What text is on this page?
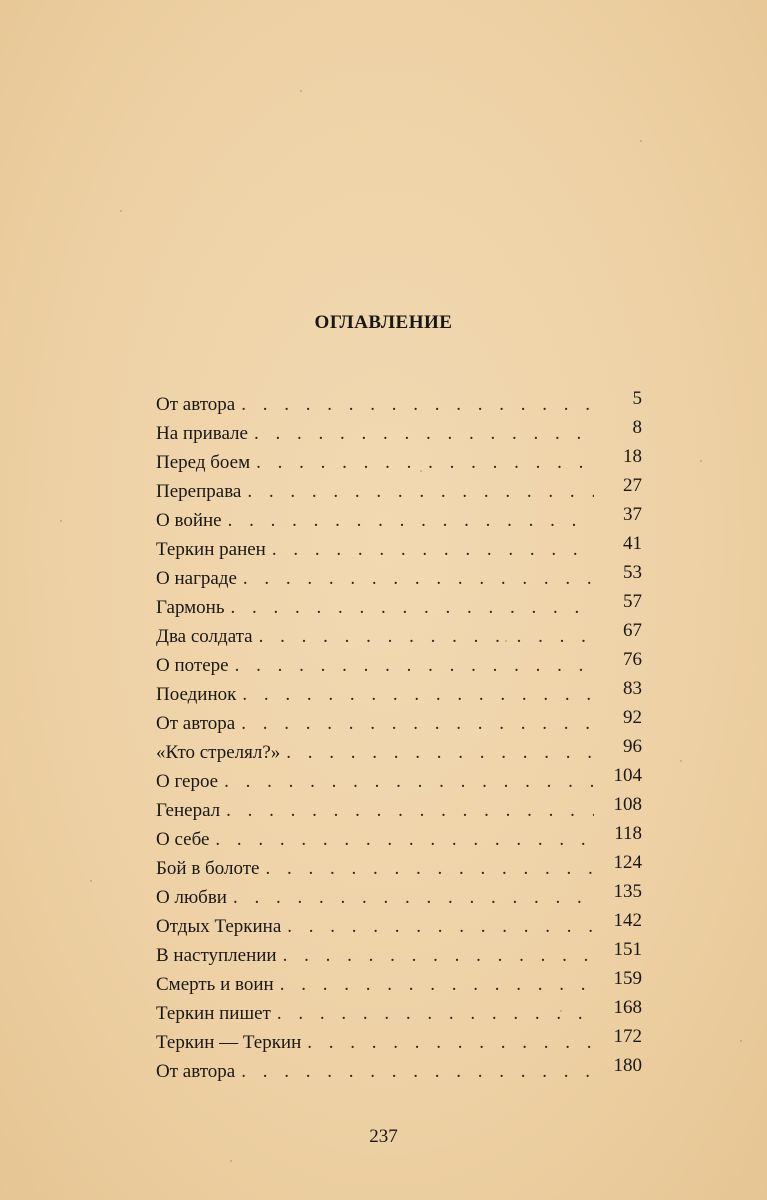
ОГЛАВЛЕНИЕ
От автора . . .	5
На привале . . .	8
Перед боем . . .	18
Переправа . . .	27
О войне . . .	37
Теркин ранен . . .	41
О награде . . .	53
Гармонь . . .	57
Два солдата . . .	67
О потере . . .	76
Поединок . . .	83
От автора . . .	92
«Кто стрелял?» . . .	96
О герое . . .	104
Генерал . . .	108
О себе . . .	118
Бой в болоте . . .	124
О любви . . .	135
Отдых Теркина . . .	142
В наступлении . . .	151
Смерть и воин . . .	159
Теркин пишет . . .	168
Теркин — Теркин . . .	172
От автора . . .	180
237
